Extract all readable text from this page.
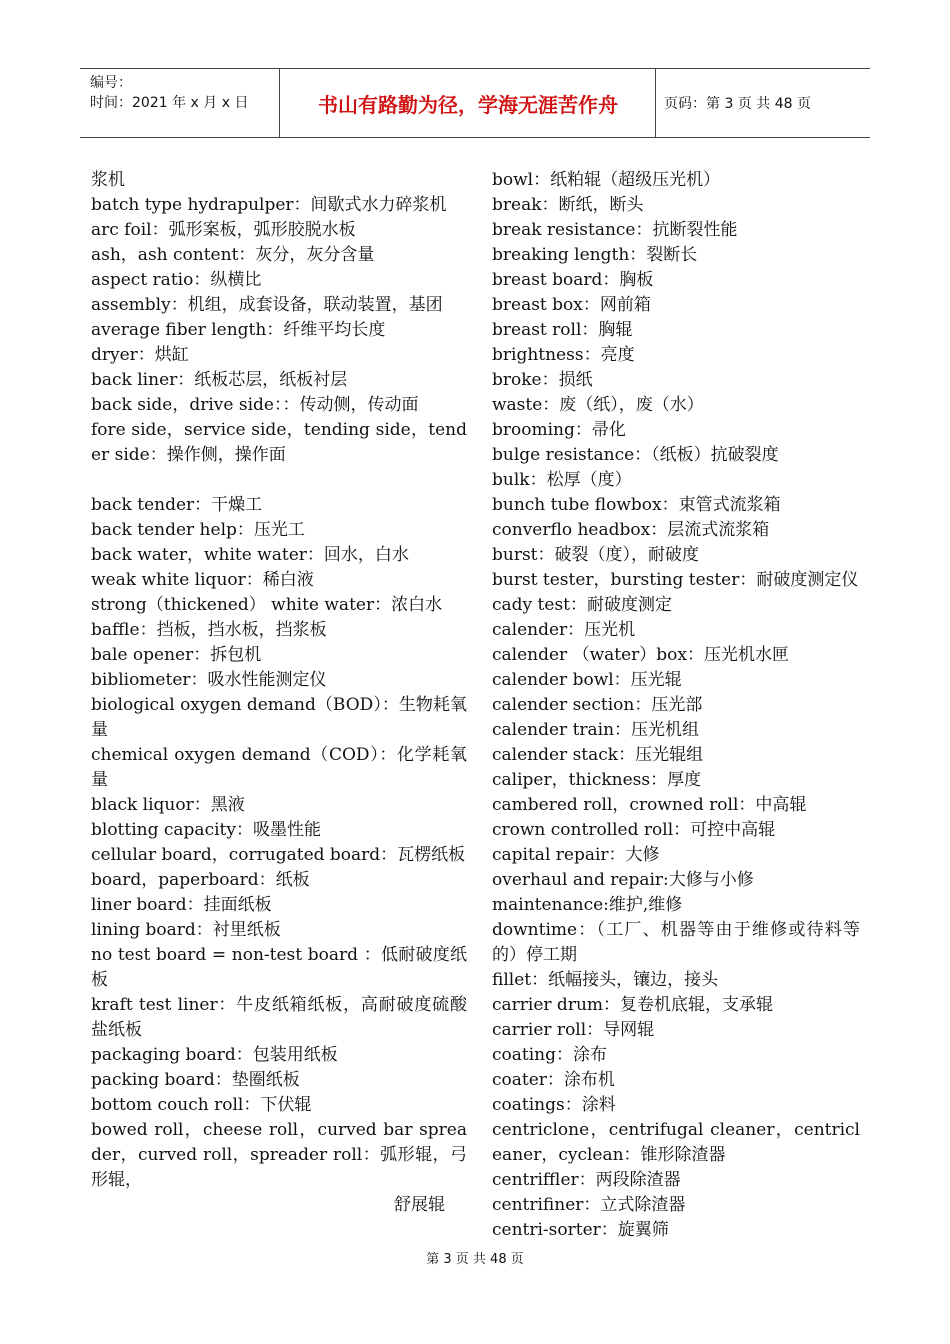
编号：
时间：2021 年 x 月 x 日	书山有路勤为径，学海无涯苦作舟	页码：第 3 页 共 48 页
浆机
batch type hydrapulper：间歇式水力碎浆机
arc foil：弧形案板，弧形胶脱水板
ash，ash content：灰分，灰分含量
aspect ratio：纵横比
assembly：机组，成套设备，联动装置，基团
average fiber length：纤维平均长度
dryer：烘缸
back liner：纸板芯层，纸板衬层
back side，drive side：：传动侧，传动面
fore side，service side，tending side，tender side：操作侧，操作面
back tender：干燥工
back tender help：压光工
back water，white water：回水，白水
weak white liquor：稀白液
strong（thickened） white water：浓白水
baffle：挡板，挡水板，挡浆板
bale opener：拆包机
bibliometer：吸水性能测定仪
biological oxygen demand（BOD）：生物耗氧量
chemical oxygen demand（COD）：化学耗氧量
black liquor：黑液
blotting capacity：吸墨性能
cellular board，corrugated board：瓦楞纸板
board，paperboard：纸板
liner board：挂面纸板
lining board：衬里纸板
no test board = non-test board ：低耐破度纸板
kraft test liner：牛皮纸箱纸板，高耐破度硫酸盐纸板
packaging board：包装用纸板
packing board：垫圈纸板
bottom couch roll：下伏辊
bowed roll，cheese roll，curved bar spreader，curved roll，spreader roll：弧形辊，弓形辊，
舒展辊
bowl：纸粕辊（超级压光机）
break：断纸，断头
break resistance：抗断裂性能
breaking length：裂断长
breast board：胸板
breast box：网前箱
breast roll：胸辊
brightness：亮度
broke：损纸
waste：废（纸），废（水）
brooming：帚化
bulge resistance：（纸板）抗破裂度
bulk：松厚（度）
bunch tube flowbox：束管式流浆箱
converflo headbox：层流式流浆箱
burst：破裂（度），耐破度
burst tester，bursting tester：耐破度测定仪
cady test：耐破度测定
calender：压光机
calender （water）box：压光机水匣
calender bowl：压光辊
calender section：压光部
calender train：压光机组
calender stack：压光辊组
caliper，thickness：厚度
cambered roll，crowned roll：中高辊
crown controlled roll：可控中高辊
capital repair：大修
overhaul and repair:大修与小修
maintenance:维护,维修
downtime：（工厂、机器等由于维修或待料等的）停工期
fillet：纸幅接头，镶边，接头
carrier drum：复卷机底辊，支承辊
carrier roll：导网辊
coating：涂布
coater：涂布机
coatings：涂料
centriclone，centrifugal cleaner，centricleaner，cyclean：锥形除渣器
centriffler：两段除渣器
centrifiner：立式除渣器
centri-sorter：旋翼筛
第 3 页 共 48 页
